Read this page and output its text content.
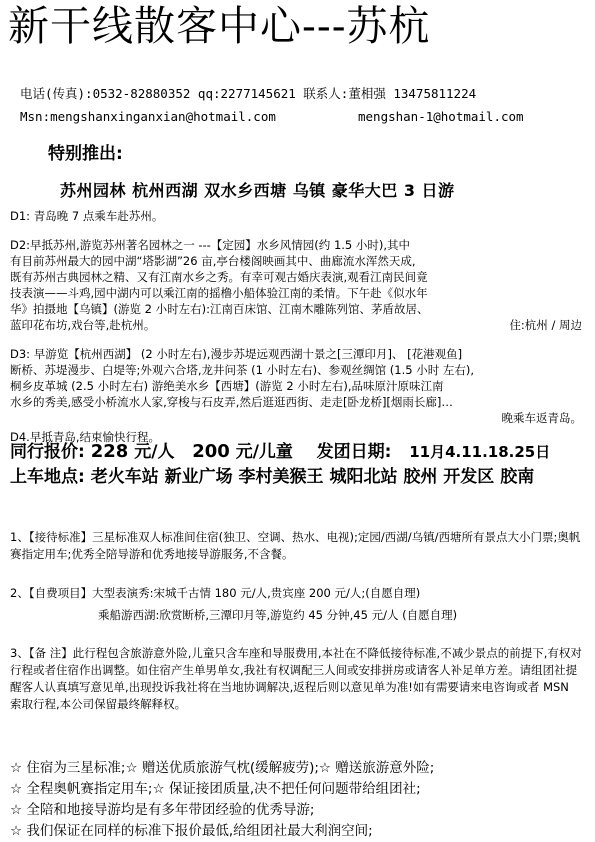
新干线散客中心---苏杭
电话(传真):0532-82880352 qq:2277145621 联系人:董相强 13475811224
Msn:mengshanxinganxian@hotmail.com	mengshan-1@hotmail.com
特别推出:
苏州园林 杭州西湖 双水乡西塘 乌镇 豪华大巴 3 日游
D1: 青岛晚 7 点乘车赴苏州。

D2:早抵苏州,游览苏州著名园林之一 ---【定园】水乡风情园(约 1.5 小时),其中

有目前苏州最大的园中湖“塔影湖”26 亩,亭台楼阁映画其中、曲廊流水浑然天成,

既有苏州古典园林之精、又有江南水乡之秀。有幸可观古婚庆表演,观看江南民间竟

技表演——斗鸡,园中湖内可以乘江南的摇橹小船体验江南的柔情。下午赴《似水年

华》拍摄地【乌镇】(游览 2 小时左右):江南百床馆、江南木雕陈列馆、茅盾故居、

蓝印花布坊,戏台等,赴杭州。	住:杭州 / 周边

D3: 早游览【杭州西湖】 (2 小时左右),漫步苏堤远观西湖十景之[三潭印月]、 [花港观鱼]

断桥、苏堤漫步、白堤等;外观六合塔,龙井问茶 (1 小时左右)、参观丝绸馆 (1.5 小时 左右),

桐乡皮革城 (2.5 小时左右) 游绝美水乡【西塘】(游览 2 小时左右),品味原汁原味江南

水乡的秀美,感受小桥流水人家,穿梭与石皮弄,然后逛逛西街、走走[卧龙桥][烟雨长廊]…

晚乘车返青岛。

D4.早抵青岛,结束愉快行程。
同行报价: 228 元/人 200 元/儿童 发团日期: 11月4.11.18.25日
上车地点: 老火车站 新业广场 李村美猴王 城阳北站 胶州 开发区 胶南
1、【接待标准】三星标准双人标准间住宿(独卫、空调、热水、电视);定园/西湖/乌镇/西塘所有景点大小门票;奥帆赛指定用车;优秀全陪导游和优秀地接导游服务,不含餐。
2、【自费项目】大型表演秀:宋城千古情 180 元/人,贵宾座 200 元/人;(自愿自理)
乘船游西湖:欣赏断桥,三潭印月等,游览约 45 分钟,45 元/人 (自愿自理)
3、【备 注】此行程包含旅游意外险,儿童只含车座和导服费用,本社在不降低接待标准,不减少景点的前提下,有权对行程或者住宿作出调整。如住宿产生单男单女,我社有权调配三人间或安排拼房或请客人补足单方差。请组团社提醒客人认真填写意见单,出现投诉我社将在当地协调解决,返程后则以意见单为准!如有需要请来电咨询或者 MSN 索取行程,本公司保留最终解释权。
☆ 住宿为三星标准;☆ 赠送优质旅游气枕(缓解疲劳);☆ 赠送旅游意外险;
☆ 全程奥帆赛指定用车;☆ 保证接团质量,决不把任何问题带给组团社;
☆ 全陪和地接导游均是有多年带团经验的优秀导游;
☆ 我们保证在同样的标准下报价最低,给组团社最大利润空间;
